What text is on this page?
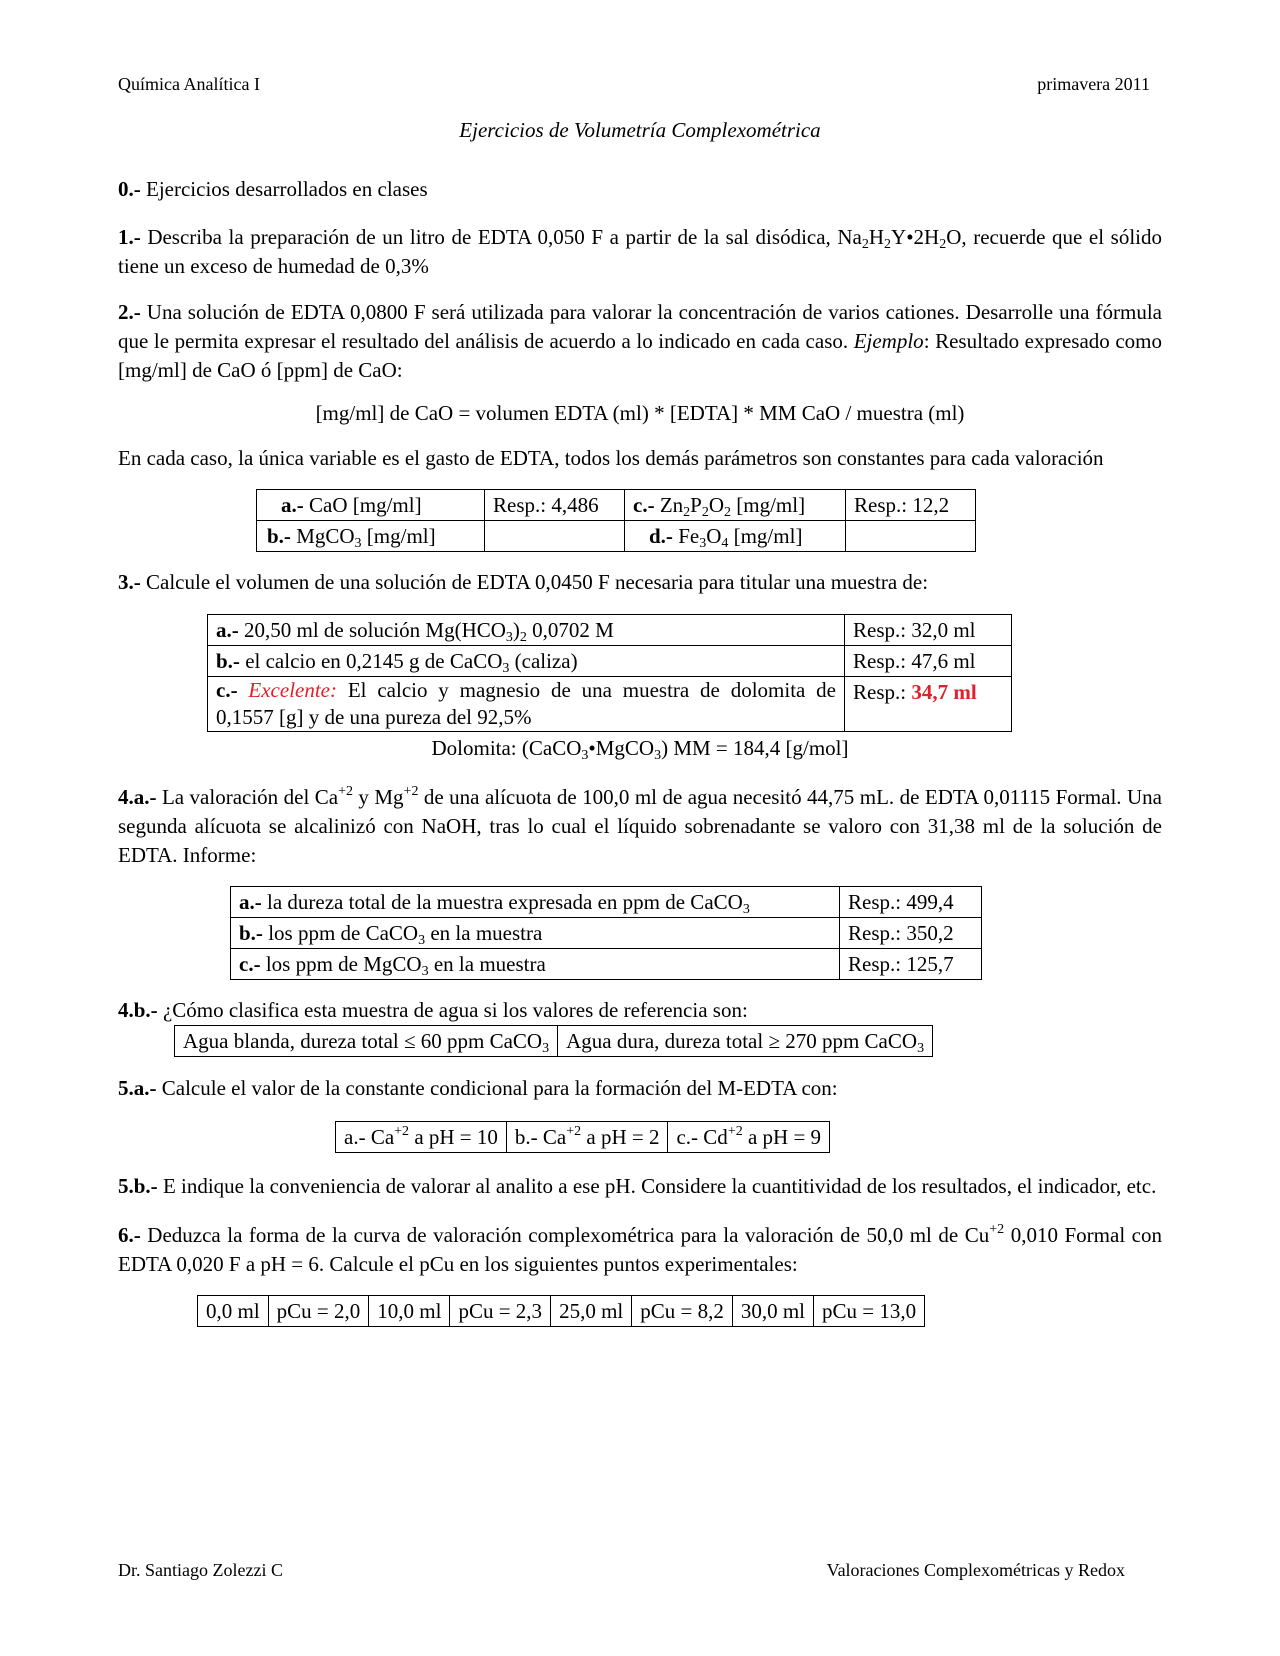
Química Analítica I	primavera 2011
Ejercicios de Volumetría Complexométrica

0.- Ejercicios desarrollados en clases

1.- Describa la preparación de un litro de EDTA 0,050 F a partir de la sal disódica, $Na_2H_2Y•2H_2O$, recuerde que el sólido tiene un exceso de humedad de 0,3%

2.- Una solución de EDTA 0,0800 F será utilizada para valorar la concentración de varios cationes. Desarrolle una fórmula que le permita expresar el resultado del análisis de acuerdo a lo indicado en cada caso. Ejemplo: Resultado expresado como [mg/ml] de CaO ó [ppm] de CaO:

[mg/ml] de CaO = volumen EDTA (ml) * [EDTA] * MM CaO / muestra (ml)

En cada caso, la única variable es el gasto de EDTA, todos los demás parámetros son constantes para cada valoración

a.- CaO [mg/ml]	Resp.: 4,486	c.- $Zn_2P_2O_2$ [mg/ml]	Resp.: 12,2
b.- MgCO$_3$ [mg/ml]		d.- $Fe_3O_4$ [mg/ml]	

3.- Calcule el volumen de una solución de EDTA 0,0450 F necesaria para titular una muestra de:

a.- 20,50 ml de solución $Mg(HCO_3)_2$ 0,0702 M	Resp.: 32,0 ml
b.- el calcio en 0,2145 g de CaCO$_3$ (caliza)	Resp.: 47,6 ml
c.- Excelente: El calcio y magnesio de una muestra de dolomita de 0,1557 [g] y de una pureza del 92,5%	Resp.: 34,7 ml

Dolomita: (CaCO$_3$•MgCO$_3$) MM = 184,4 [g/mol]

4.a.- La valoración del $Ca^{+2}$ y $Mg^{+2}$ de una alícuota de 100,0 ml de agua necesitó 44,75 mL. de EDTA 0,01115 Formal. Una segunda alícuota se alcalinizó con NaOH, tras lo cual el líquido sobrenadante se valoro con 31,38 ml de la solución de EDTA. Informe:

a.- la dureza total de la muestra expresada en ppm de CaCO$_3$	Resp.: 499,4
b.- los ppm de CaCO$_3$ en la muestra	Resp.: 350,2
c.- los ppm de MgCO$_3$ en la muestra	Resp.: 125,7

4.b.- ¿Cómo clasifica esta muestra de agua si los valores de referencia son:

Agua blanda, dureza total ≤ 60 ppm CaCO$_3$	Agua dura, dureza total ≥ 270 ppm CaCO$_3$

5.a.- Calcule el valor de la constante condicional para la formación del M-EDTA con:

a.- $Ca^{+2}$ a pH = 10	b.- $Ca^{+2}$ a pH = 2	c.- $Cd^{+2}$ a pH = 9

5.b.- E indique la conveniencia de valorar al analito a ese pH. Considere la cuantitividad de los resultados, el indicador, etc.

6.- Deduzca la forma de la curva de valoración complexométrica para la valoración de 50,0 ml de $Cu^{+2}$ 0,010 Formal con EDTA 0,020 F a pH = 6. Calcule el pCu en los siguientes puntos experimentales:

0,0 ml	pCu = 2,0	10,0 ml	pCu = 2,3	25,0 ml	pCu = 8,2	30,0 ml	pCu = 13,0
Dr. Santiago Zolezzi C	Valoraciones Complexométricas y Redox
